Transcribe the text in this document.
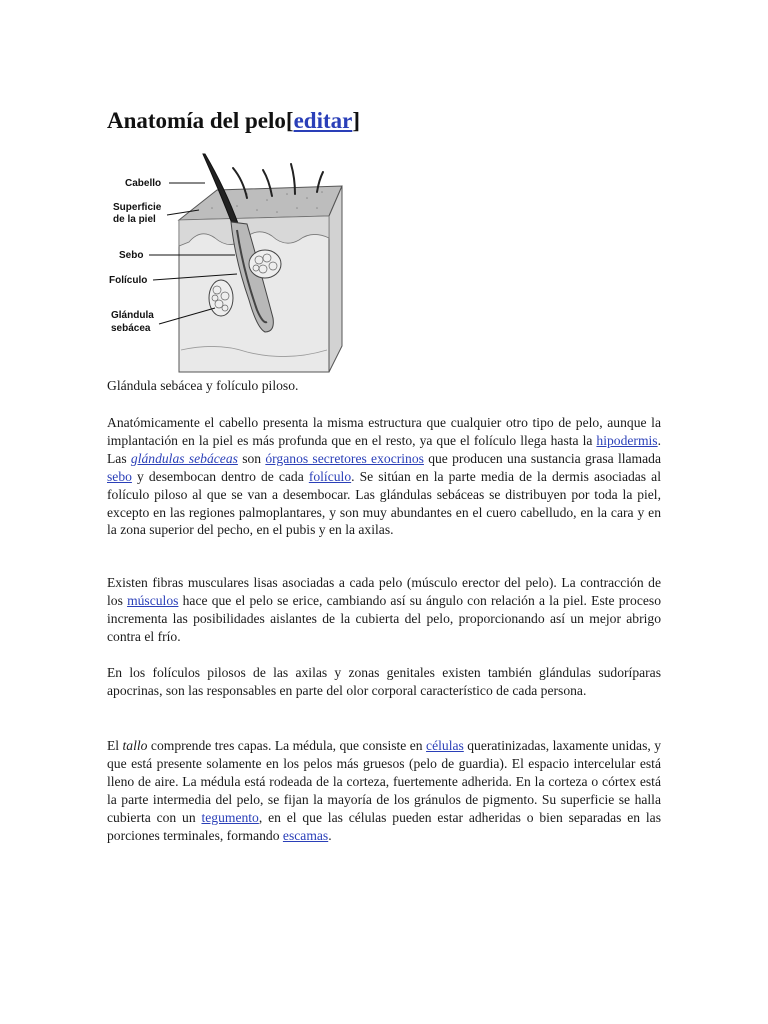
Anatomía del pelo[editar]
Cabello
Superficie
de la piel
Sebo
Folículo
Glándula
sebácea

Glándula sebácea y folículo piloso.

Anatómicamente el cabello presenta la misma estructura que cualquier otro tipo de pelo, aunque la implantación en la piel es más profunda que en el resto, ya que el folículo llega hasta la hipodermis. Las glándulas sebáceas son órganos secretores exocrinos que producen una sustancia grasa llamada sebo y desembocan dentro de cada folículo. Se sitúan en la parte media de la dermis asociadas al folículo piloso al que se van a desembocar. Las glándulas sebáceas se distribuyen por toda la piel, excepto en las regiones palmoplantares, y son muy abundantes en el cuero cabelludo, en la cara y en la zona superior del pecho, en el pubis y en la axilas.

Existen fibras musculares lisas asociadas a cada pelo (músculo erector del pelo). La contracción de los músculos hace que el pelo se erice, cambiando así su ángulo con relación a la piel. Este proceso incrementa las posibilidades aislantes de la cubierta del pelo, proporcionando así un mejor abrigo contra el frío.

En los folículos pilosos de las axilas y zonas genitales existen también glándulas sudoríparas apocrinas, son las responsables en parte del olor corporal característico de cada persona.

El tallo comprende tres capas. La médula, que consiste en células queratinizadas, laxamente unidas, y que está presente solamente en los pelos más gruesos (pelo de guardia). El espacio intercelular está lleno de aire. La médula está rodeada de la corteza, fuertemente adherida. En la corteza o córtex está la parte intermedia del pelo, se fijan la mayoría de los gránulos de pigmento. Su superficie se halla cubierta con un tegumento, en el que las células pueden estar adheridas o bien separadas en las porciones terminales, formando escamas.
